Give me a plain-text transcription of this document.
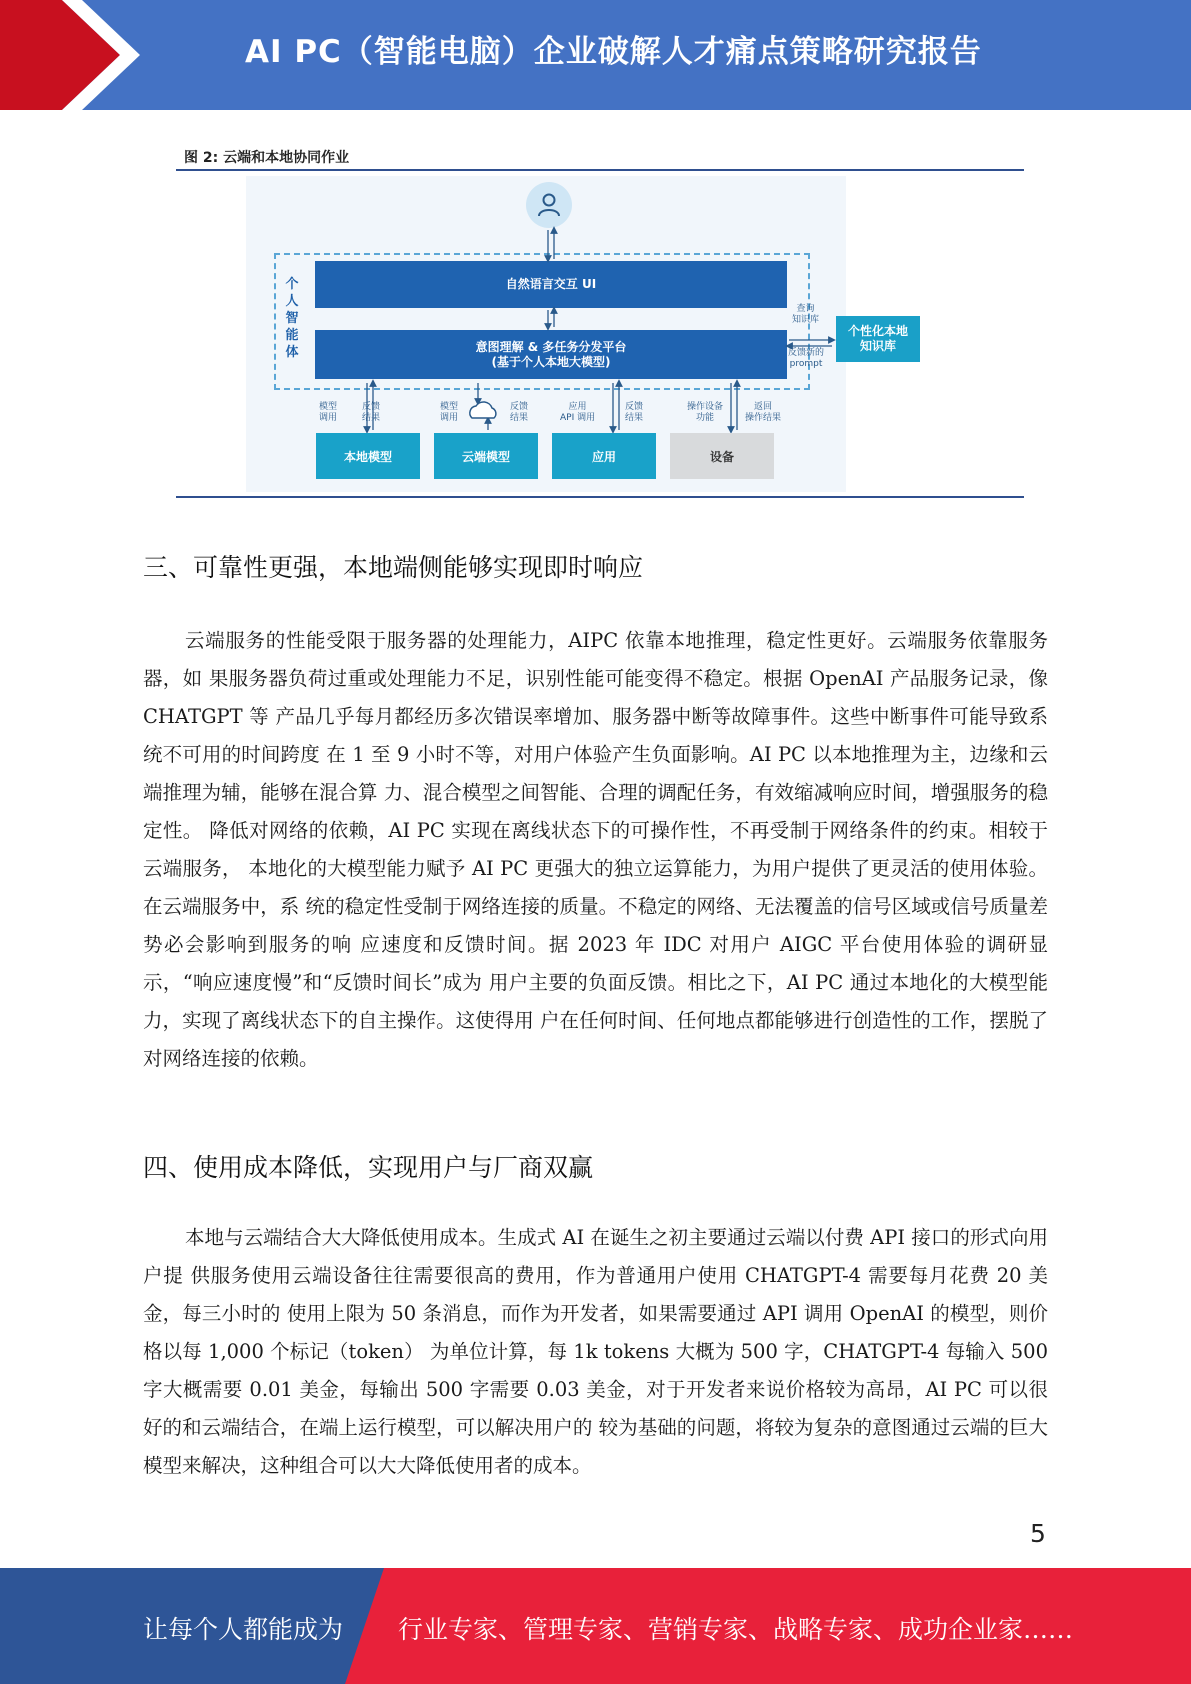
AI PC（智能电脑）企业破解人才痛点策略研究报告
图 2: 云端和本地协同作业
个人智能体
自然语言交互 UI
意图理解 & 多任务分发平台
(基于个人本地大模型)
个性化本地
知识库
查询
知识库
反馈新的
prompt
模型
调用
反馈
结果
模型
调用
反馈
结果
应用
API 调用
反馈
结果
操作设备
功能
返回
操作结果
本地模型	云端模型	应用	设备
三、可靠性更强，本地端侧能够实现即时响应
云端服务的性能受限于服务器的处理能力，AIPC 依靠本地推理，稳定性更好。云端服务依靠服务器，如 果服务器负荷过重或处理能力不足，识别性能可能变得不稳定。根据 OpenAI 产品服务记录，像 CHATGPT 等 产品几乎每月都经历多次错误率增加、服务器中断等故障事件。这些中断事件可能导致系统不可用的时间跨度 在 1 至 9 小时不等，对用户体验产生负面影响。AI PC 以本地推理为主，边缘和云端推理为辅，能够在混合算 力、混合模型之间智能、合理的调配任务，有效缩减响应时间，增强服务的稳定性。 降低对网络的依赖，AI PC 实现在离线状态下的可操作性，不再受制于网络条件的约束。相较于云端服务， 本地化的大模型能力赋予 AI PC 更强大的独立运算能力，为用户提供了更灵活的使用体验。在云端服务中，系 统的稳定性受制于网络连接的质量。不稳定的网络、无法覆盖的信号区域或信号质量差势必会影响到服务的响 应速度和反馈时间。据 2023 年 IDC 对用户 AIGC 平台使用体验的调研显示，“响应速度慢”和“反馈时间长”成为 用户主要的负面反馈。相比之下，AI PC 通过本地化的大模型能力，实现了离线状态下的自主操作。这使得用 户在任何时间、任何地点都能够进行创造性的工作，摆脱了对网络连接的依赖。
四、使用成本降低，实现用户与厂商双赢
本地与云端结合大大降低使用成本。生成式 AI 在诞生之初主要通过云端以付费 API 接口的形式向用户提 供服务使用云端设备往往需要很高的费用，作为普通用户使用 CHATGPT-4 需要每月花费 20 美金，每三小时的 使用上限为 50 条消息，而作为开发者，如果需要通过 API 调用 OpenAI 的模型，则价格以每 1,000 个标记（token） 为单位计算，每 1k tokens 大概为 500 字，CHATGPT-4 每输入 500 字大概需要 0.01 美金，每输出 500 字需要 0.03 美金，对于开发者来说价格较为高昂，AI PC 可以很好的和云端结合，在端上运行模型，可以解决用户的 较为基础的问题，将较为复杂的意图通过云端的巨大模型来解决，这种组合可以大大降低使用者的成本。
5
让每个人都能成为 行业专家、管理专家、营销专家、战略专家、成功企业家……
